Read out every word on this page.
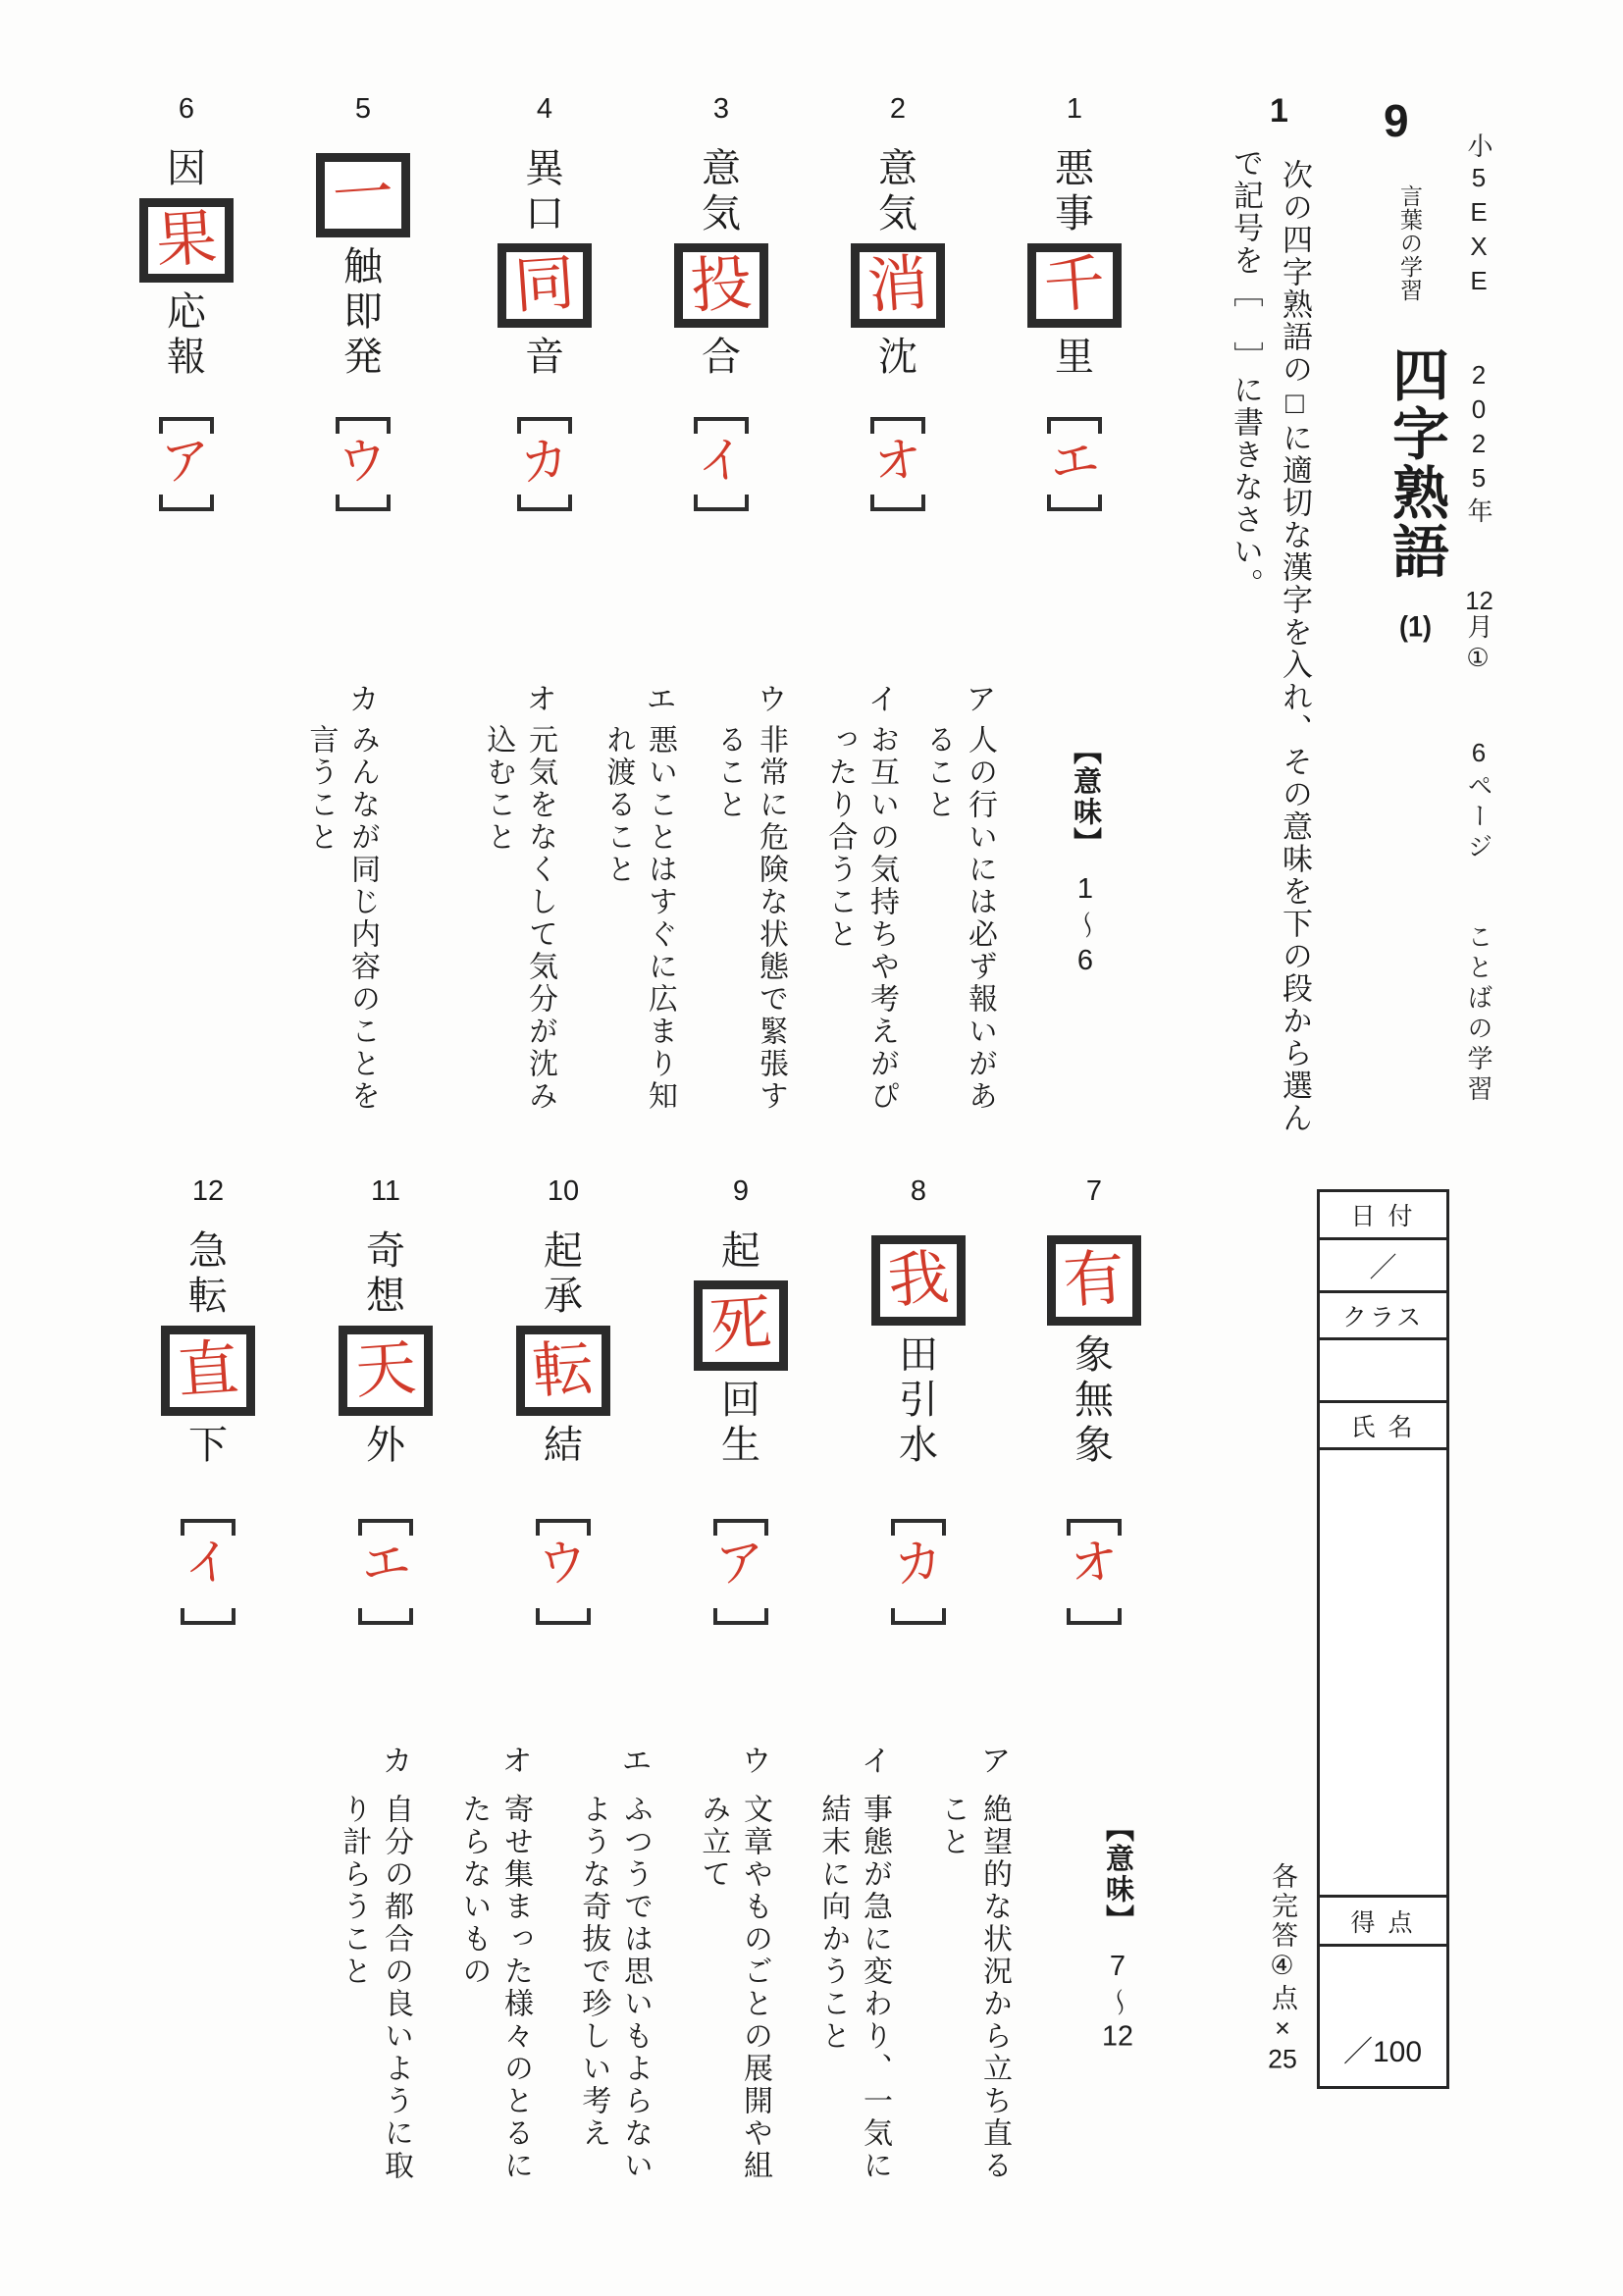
小5EXE 2025年 12月① 6ページ ことばの学習
9
言葉の学習
四字熟語 (1)
1
次の四字熟語の□に適切な漢字を入れ、その意味を下の段から選ん
で記号を［　］に書きなさい。
1
悪
事
千
里
エ
2
意
気
消
沈
オ
3
意
気
投
合
イ
4
異
口
同
音
カ
5
一
触
即
発
ウ
6
因
果
応
報
ア
【意味】1〜6
ア
人の行いには必ず報いがあること
イ
お互いの気持ちや考えがぴったり合うこと
ウ
非常に危険な状態で緊張すること
エ
悪いことはすぐに広まり知れ渡ること
オ
元気をなくして気分が沈み込むこと
カ
みんなが同じ内容のことを言うこと
7
有
象
無
象
オ
8
我
田
引
水
カ
9
起
死
回
生
ア
10
起
承
転
結
ウ
11
奇
想
天
外
エ
12
急
転
直
下
イ
【意味】7〜12
ア
絶望的な状況から立ち直ること
イ
事態が急に変わり、一気に結末に向かうこと
ウ
文章やものごとの展開や組み立て
エ
ふつうでは思いもよらないような奇抜で珍しい考え
オ
寄せ集まった様々のとるにたらないもの
カ
自分の都合の良いように取り計らうこと
日 付
／
クラス
氏 名
得 点
／100
各完答④点×25
